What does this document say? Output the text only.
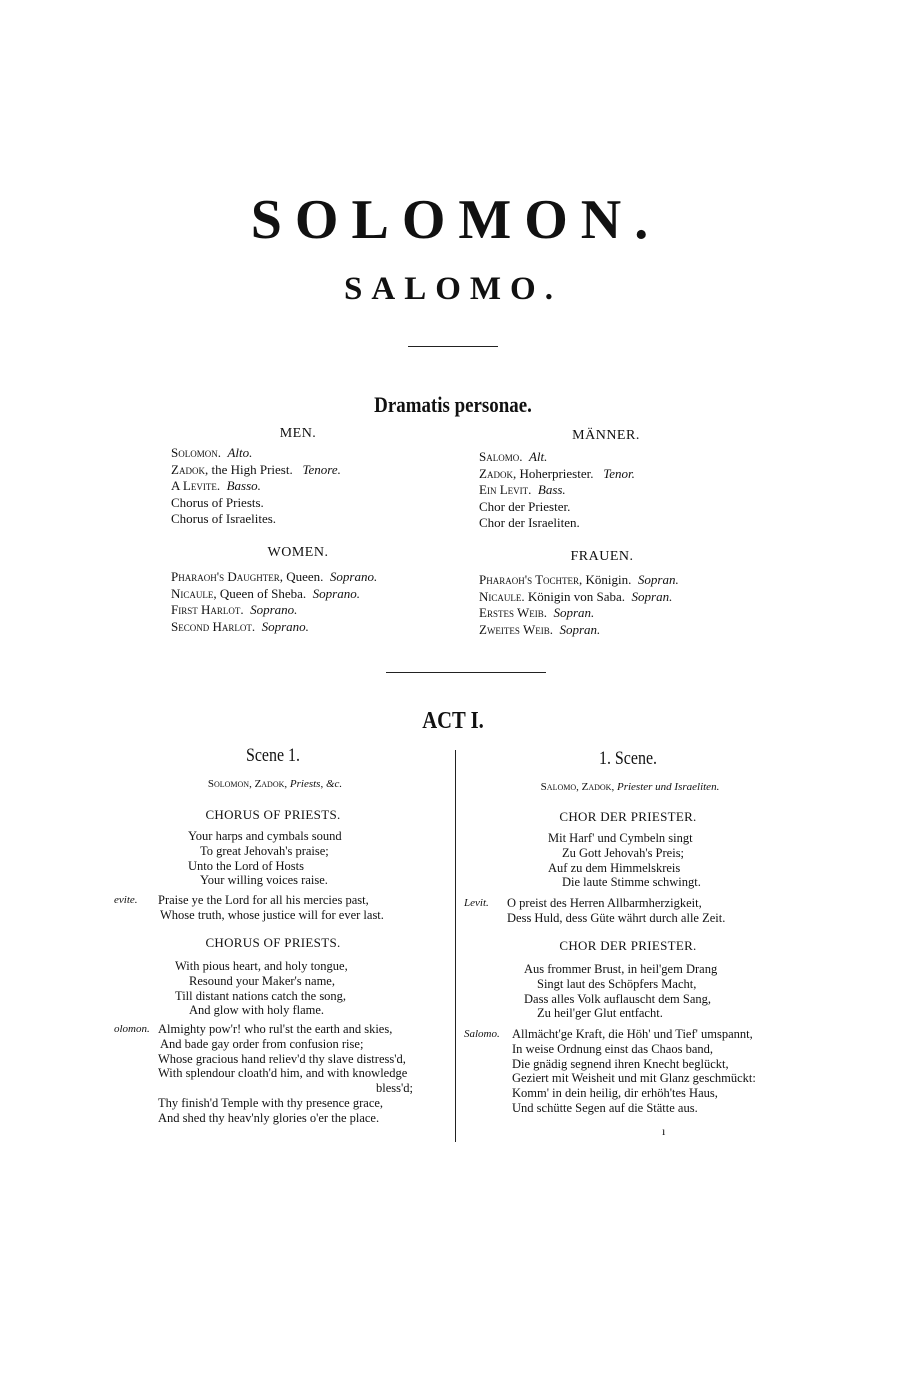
SOLOMON.
SALOMO.
Dramatis personae.
MEN.
Solomon. Alto.
Zadok, the High Priest. Tenore.
A Levite. Basso.
Chorus of Priests.
Chorus of Israelites.
WOMEN.
Pharaoh's Daughter, Queen. Soprano.
Nicaule, Queen of Sheba. Soprano.
First Harlot. Soprano.
Second Harlot. Soprano.
MÄNNER.
Salomo. Alt.
Zadok, Hoherpriester. Tenor.
Ein Levit. Bass.
Chor der Priester.
Chor der Israeliten.
FRAUEN.
Pharaoh's Tochter, Königin. Sopran.
Nicaule. Königin von Saba. Sopran.
Erstes Weib. Sopran.
Zweites Weib. Sopran.
ACT I.
Scene 1.
Solomon, Zadok, Priests, &c.
CHORUS OF PRIESTS.
Your harps and cymbals sound
To great Jehovah's praise;
Unto the Lord of Hosts
Your willing voices raise.
evite. Praise ye the Lord for all his mercies past,
Whose truth, whose justice will for ever last.
CHORUS OF PRIESTS.
With pious heart, and holy tongue,
Resound your Maker's name,
Till distant nations catch the song,
And glow with holy flame.
olomon. Almighty pow'r! who rul'st the earth and skies,
And bade gay order from confusion rise;
Whose gracious hand reliev'd thy slave distress'd,
With splendour cloath'd him, and with knowledge
bless'd;
Thy finish'd Temple with thy presence grace,
And shed thy heav'nly glories o'er the place.
1. Scene.
Salomo, Zadok, Priester und Israeliten.
CHOR DER PRIESTER.
Mit Harf' und Cymbeln singt
Zu Gott Jehovah's Preis;
Auf zu dem Himmelskreis
Die laute Stimme schwingt.
Levit. O preist des Herren Allbarmherzigkeit,
Dess Huld, dess Güte währt durch alle Zeit.
CHOR DER PRIESTER.
Aus frommer Brust, in heil'gem Drang
Singt laut des Schöpfers Macht,
Dass alles Volk auflauscht dem Sang,
Zu heil'ger Glut entfacht.
Salomo. Allmächt'ge Kraft, die Höh' und Tief' umspannt,
In weise Ordnung einst das Chaos band,
Die gnädig segnend ihren Knecht beglückt,
Geziert mit Weisheit und mit Glanz geschmückt:
Komm' in dein heilig, dir erhöh'tes Haus,
Und schütte Segen auf die Stätte aus.
ı
